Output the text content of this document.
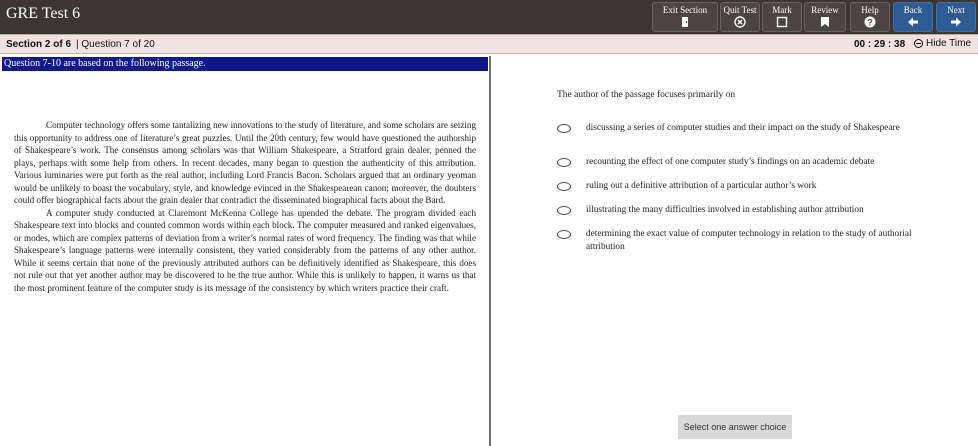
GRE Test 6	Exit Section	Quit Test	Mark	Review	Help
?
Back	Next
Section 2 of 6 | Question 7 of 20	00 : 29 : 38 Hide Time
Question 7-10 are based on the following passage.

Computer technology offers some tantalizing new innovations to the study of literature, and some scholars are seizing this opportunity to address one of literature’s great puzzles. Until the 20th century, few would have questioned the authorship of Shakespeare’s work. The consensus among scholars was that William Shakespeare, a Stratford grain dealer, penned the plays, perhaps with some help from others. In recent decades, many began to question the authenticity of this attribution. Various luminaries were put forth as the real author, including Lord Francis Bacon. Scholars argued that an ordinary yeoman would be unlikely to boast the vocabulary, style, and knowledge evinced in the Shakespearean canon; moreover, the doubters could offer biographical facts about the grain dealer that contradict the disseminated biographical facts about the Bard.

A computer study conducted at Claremont McKenna College has upended the debate. The program divided each Shakespeare text into blocks and counted common words within each block. The computer measured and ranked eigenvalues, or modes, which are complex patterns of deviation from a writer’s normal rates of word frequency. The finding was that while Shakespeare’s language patterns were internally consistent, they varied considerably from the patterns of any other author. While it seems certain that none of the previously attributed authors can be definitively identified as Shakespeare, this does not rule out that yet another author may be discovered to be the true author. While this is unlikely to happen, it warns us that the most prominent feature of the computer study is its message of the consistency by which writers practice their craft.

The author of the passage focuses primarily on
discussing a series of computer studies and their impact on the study of Shakespeare
recounting the effect of one computer study’s findings on an academic debate
ruling out a definitive attribution of a particular author’s work
illustrating the many difficulties involved in establishing author attribution
determining the exact value of computer technology in relation to the study of authorial attribution
Select one answer choice
